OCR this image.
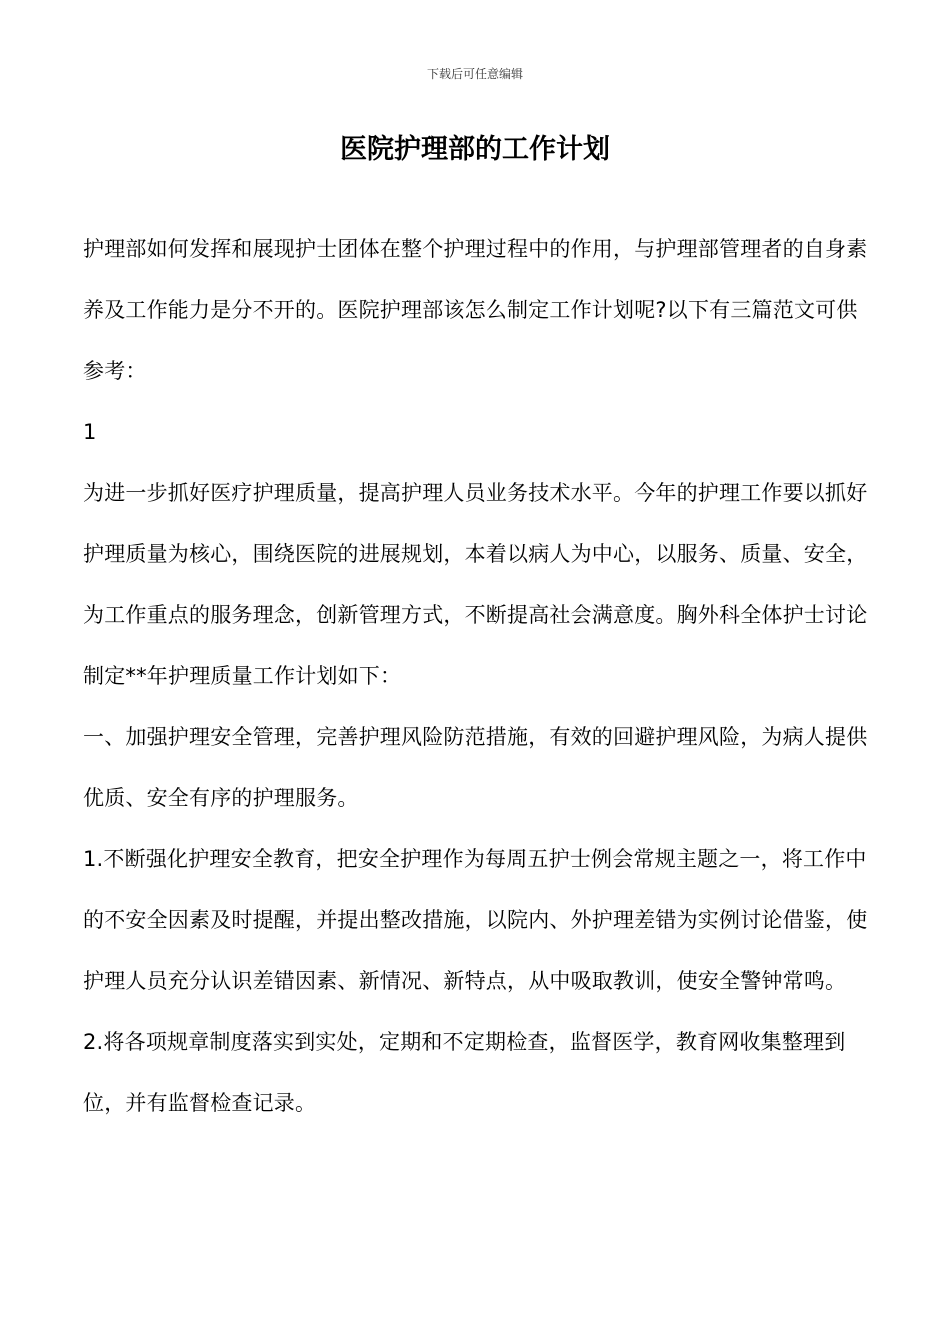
下载后可任意编辑
医院护理部的工作计划

护理部如何发挥和展现护士团体在整个护理过程中的作用，与护理部管理者的自身素养及工作能力是分不开的。医院护理部该怎么制定工作计划呢?以下有三篇范文可供参考：

1

为进一步抓好医疗护理质量，提高护理人员业务技术水平。今年的护理工作要以抓好护理质量为核心，围绕医院的进展规划，本着以病人为中心，以服务、质量、安全，为工作重点的服务理念，创新管理方式，不断提高社会满意度。胸外科全体护士讨论制定**年护理质量工作计划如下：

一、加强护理安全管理，完善护理风险防范措施，有效的回避护理风险，为病人提供优质、安全有序的护理服务。

1.不断强化护理安全教育，把安全护理作为每周五护士例会常规主题之一，将工作中的不安全因素及时提醒，并提出整改措施，以院内、外护理差错为实例讨论借鉴，使护理人员充分认识差错因素、新情况、新特点，从中吸取教训，使安全警钟常鸣。

2.将各项规章制度落实到实处，定期和不定期检查，监督医学，教育网收集整理到位，并有监督检查记录。
